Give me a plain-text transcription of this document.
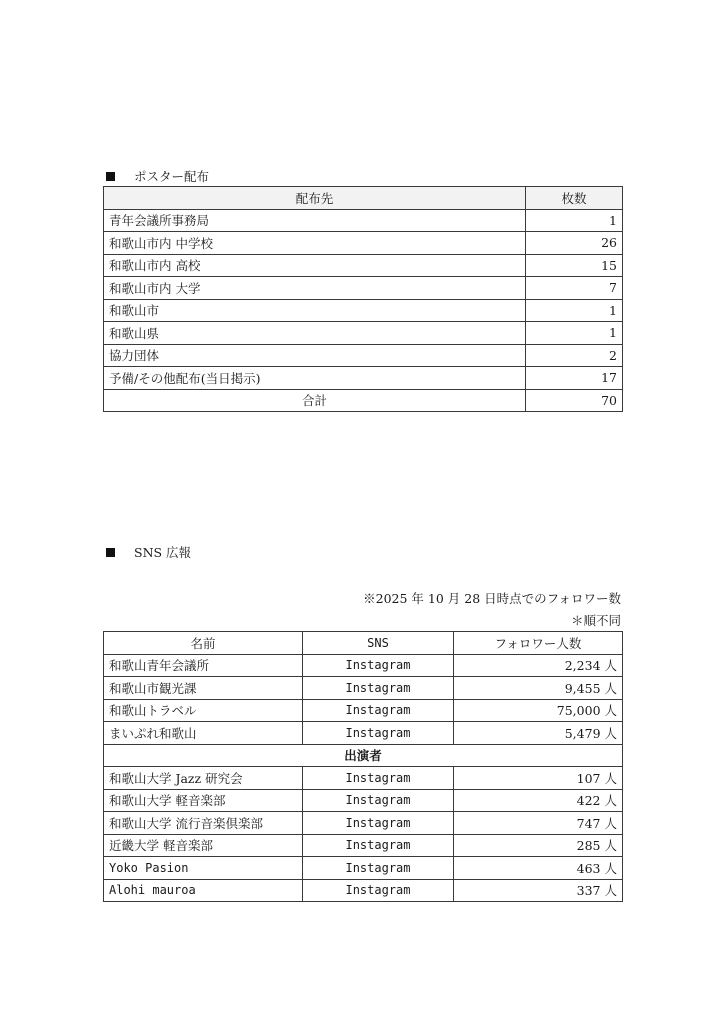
ポスター配布
配布先	枚数
青年会議所事務局	1
和歌山市内 中学校	26
和歌山市内 高校	15
和歌山市内 大学	7
和歌山市	1
和歌山県	1
協力団体	2
予備/その他配布(当日掲示)	17
合計	70
SNS 広報
※2025 年 10 月 28 日時点でのフォロワー数
＊順不同
名前	SNS	フォロワー人数
和歌山青年会議所	Instagram	2,234 人
和歌山市観光課	Instagram	9,455 人
和歌山トラベル	Instagram	75,000 人
まいぷれ和歌山	Instagram	5,479 人
出演者		
和歌山大学 Jazz 研究会	Instagram	107 人
和歌山大学 軽音楽部	Instagram	422 人
和歌山大学 流行音楽倶楽部	Instagram	747 人
近畿大学 軽音楽部	Instagram	285 人
Yoko Pasion	Instagram	463 人
Alohi mauroa	Instagram	337 人
